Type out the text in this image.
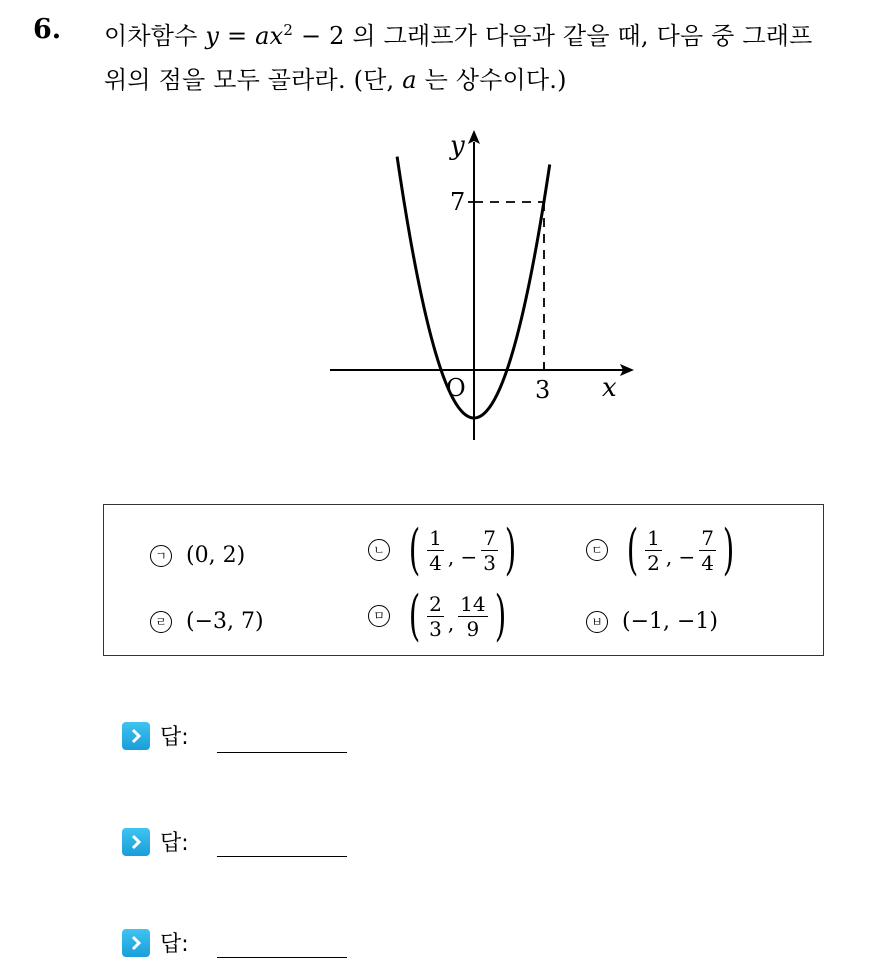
6. 이차함수 $y = ax^2 - 2$ 의 그래프가 다음과 같을 때, 다음 중 그래프
위의 점을 모두 골라라. (단, a 는 상수이다.)
y
x
O	3
7
ㄱ (0, 2)	ㄴ ( $\frac{1}{4}$ , − $\frac{7}{3}$ )	ㄷ ( $\frac{1}{2}$ , − $\frac{7}{4}$ )
ㄹ (−3, 7)	ㅁ ( $\frac{2}{3}$ , $\frac{14}{9}$ )	ㅂ (−1, −1)
답:
답:
답:
